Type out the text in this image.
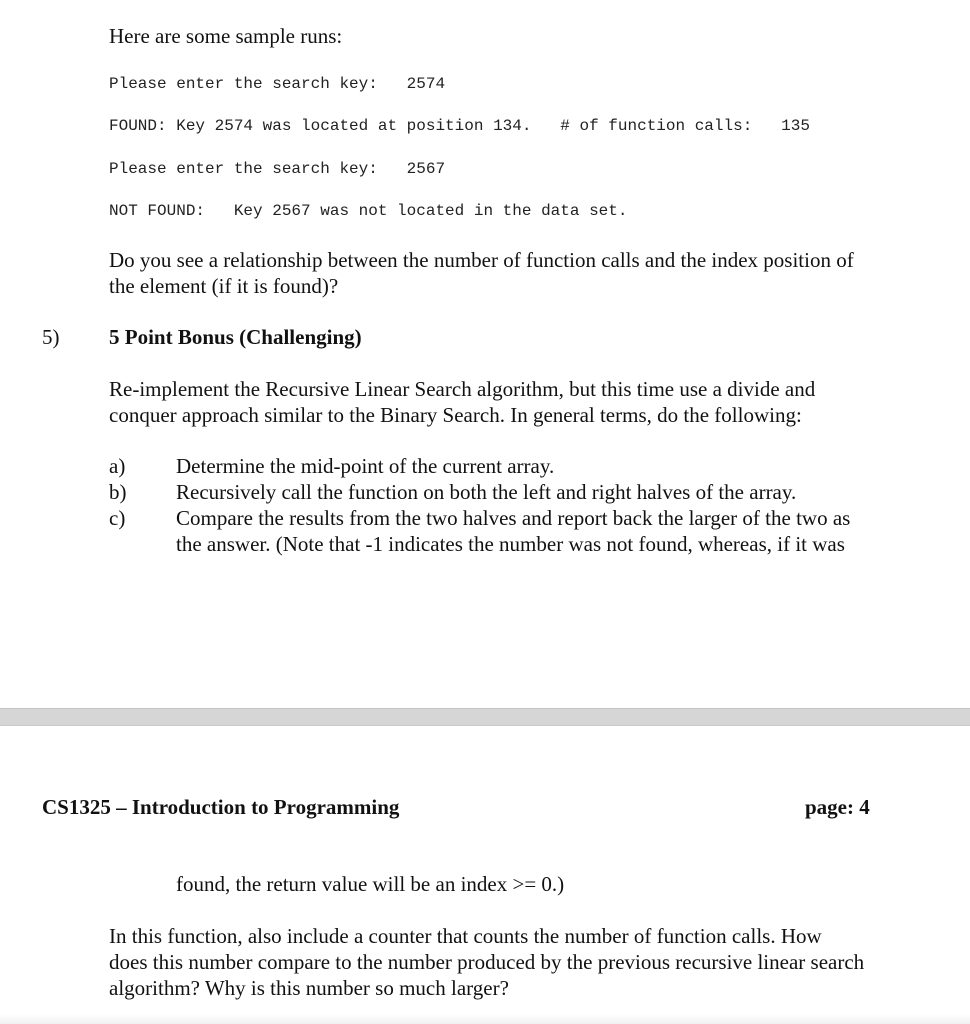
Here are some sample runs:
Please enter the search key:   2574
FOUND: Key 2574 was located at position 134.   # of function calls:   135
Please enter the search key:   2567
NOT FOUND:   Key 2567 was not located in the data set.
Do you see a relationship between the number of function calls and the index position of
the element (if it is found)?
5) 5 Point Bonus (Challenging)
Re-implement the Recursive Linear Search algorithm, but this time use a divide and
conquer approach similar to the Binary Search. In general terms, do the following:
a) Determine the mid-point of the current array.
b) Recursively call the function on both the left and right halves of the array.
c) Compare the results from the two halves and report back the larger of the two as
the answer. (Note that -1 indicates the number was not found, whereas, if it was
CS1325 – Introduction to Programming	page: 4
found, the return value will be an index >= 0.)
In this function, also include a counter that counts the number of function calls. How
does this number compare to the number produced by the previous recursive linear search
algorithm? Why is this number so much larger?
